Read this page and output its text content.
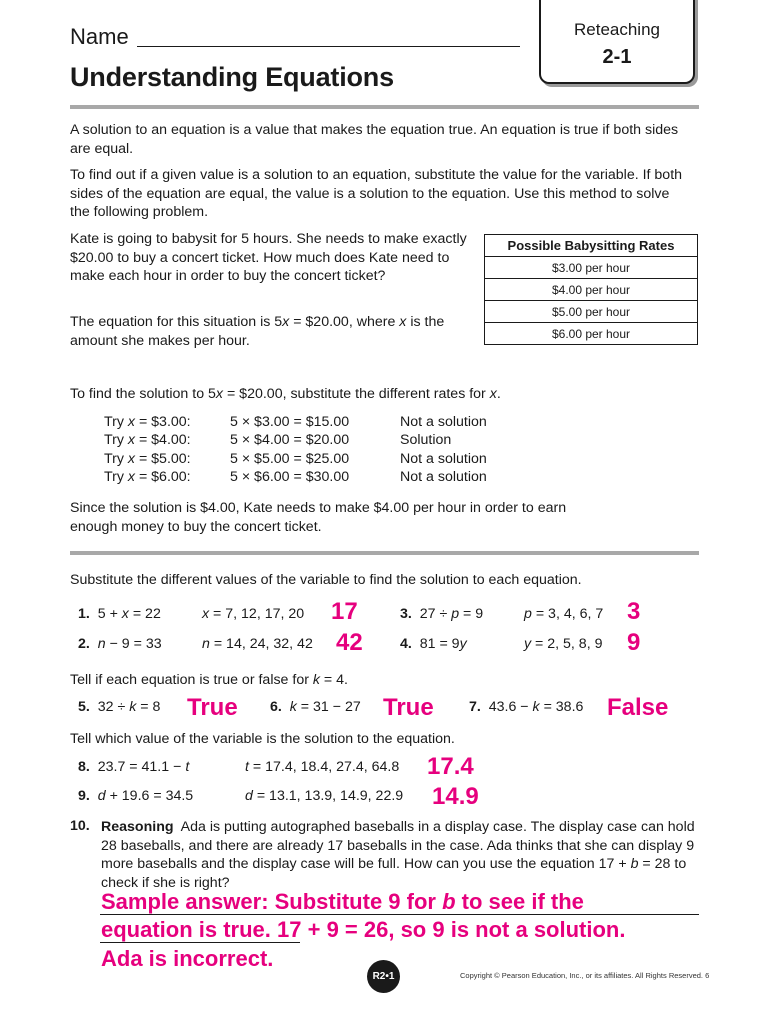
Reteaching
2-1
Name
Understanding Equations
A solution to an equation is a value that makes the equation true. An equation is true if both sides are equal.
To find out if a given value is a solution to an equation, substitute the value for the variable. If both sides of the equation are equal, the value is a solution to the equation. Use this method to solve the following problem.
Kate is going to babysit for 5 hours. She needs to make exactly $20.00 to buy a concert ticket. How much does Kate need to make each hour in order to buy the concert ticket?
The equation for this situation is 5x = $20.00, where x is the amount she makes per hour.
Possible Babysitting Rates
$3.00 per hour
$4.00 per hour
$5.00 per hour
$6.00 per hour
To find the solution to 5x = $20.00, substitute the different rates for x.
Try x = $3.00:	5 × $3.00 = $15.00	Not a solution
Try x = $4.00:	5 × $4.00 = $20.00	Solution
Try x = $5.00:	5 × $5.00 = $25.00	Not a solution
Try x = $6.00:	5 × $6.00 = $30.00	Not a solution
Since the solution is $4.00, Kate needs to make $4.00 per hour in order to earn enough money to buy the concert ticket.
Substitute the different values of the variable to find the solution to each equation.
1. 5 + x = 22	x = 7, 12, 17, 20 17
2. n − 9 = 33	n = 14, 24, 32, 42 42
3. 27 ÷ p = 9	p = 3, 4, 6, 7 3
4. 81 = 9y	y = 2, 5, 8, 9 9
Tell if each equation is true or false for k = 4.
5. 32 ÷ k = 8 True 6. k = 31 − 27 True 7. 43.6 − k = 38.6 False
Tell which value of the variable is the solution to the equation.
8. 23.7 = 41.1 − t	t = 17.4, 18.4, 27.4, 64.8 17.4
9. d + 19.6 = 34.5	d = 13.1, 13.9, 14.9, 22.9 14.9
10. Reasoning Ada is putting autographed baseballs in a display case. The display case can hold 28 baseballs, and there are already 17 baseballs in the case. Ada thinks that she can display 9 more baseballs and the display case will be full. How can you use the equation 17 + b = 28 to check if she is right?
Sample answer: Substitute 9 for b to see if the
equation is true. 17 + 9 = 26, so 9 is not a solution.
Ada is incorrect.
R2•1	Copyright © Pearson Education, Inc., or its affiliates. All Rights Reserved. 6
